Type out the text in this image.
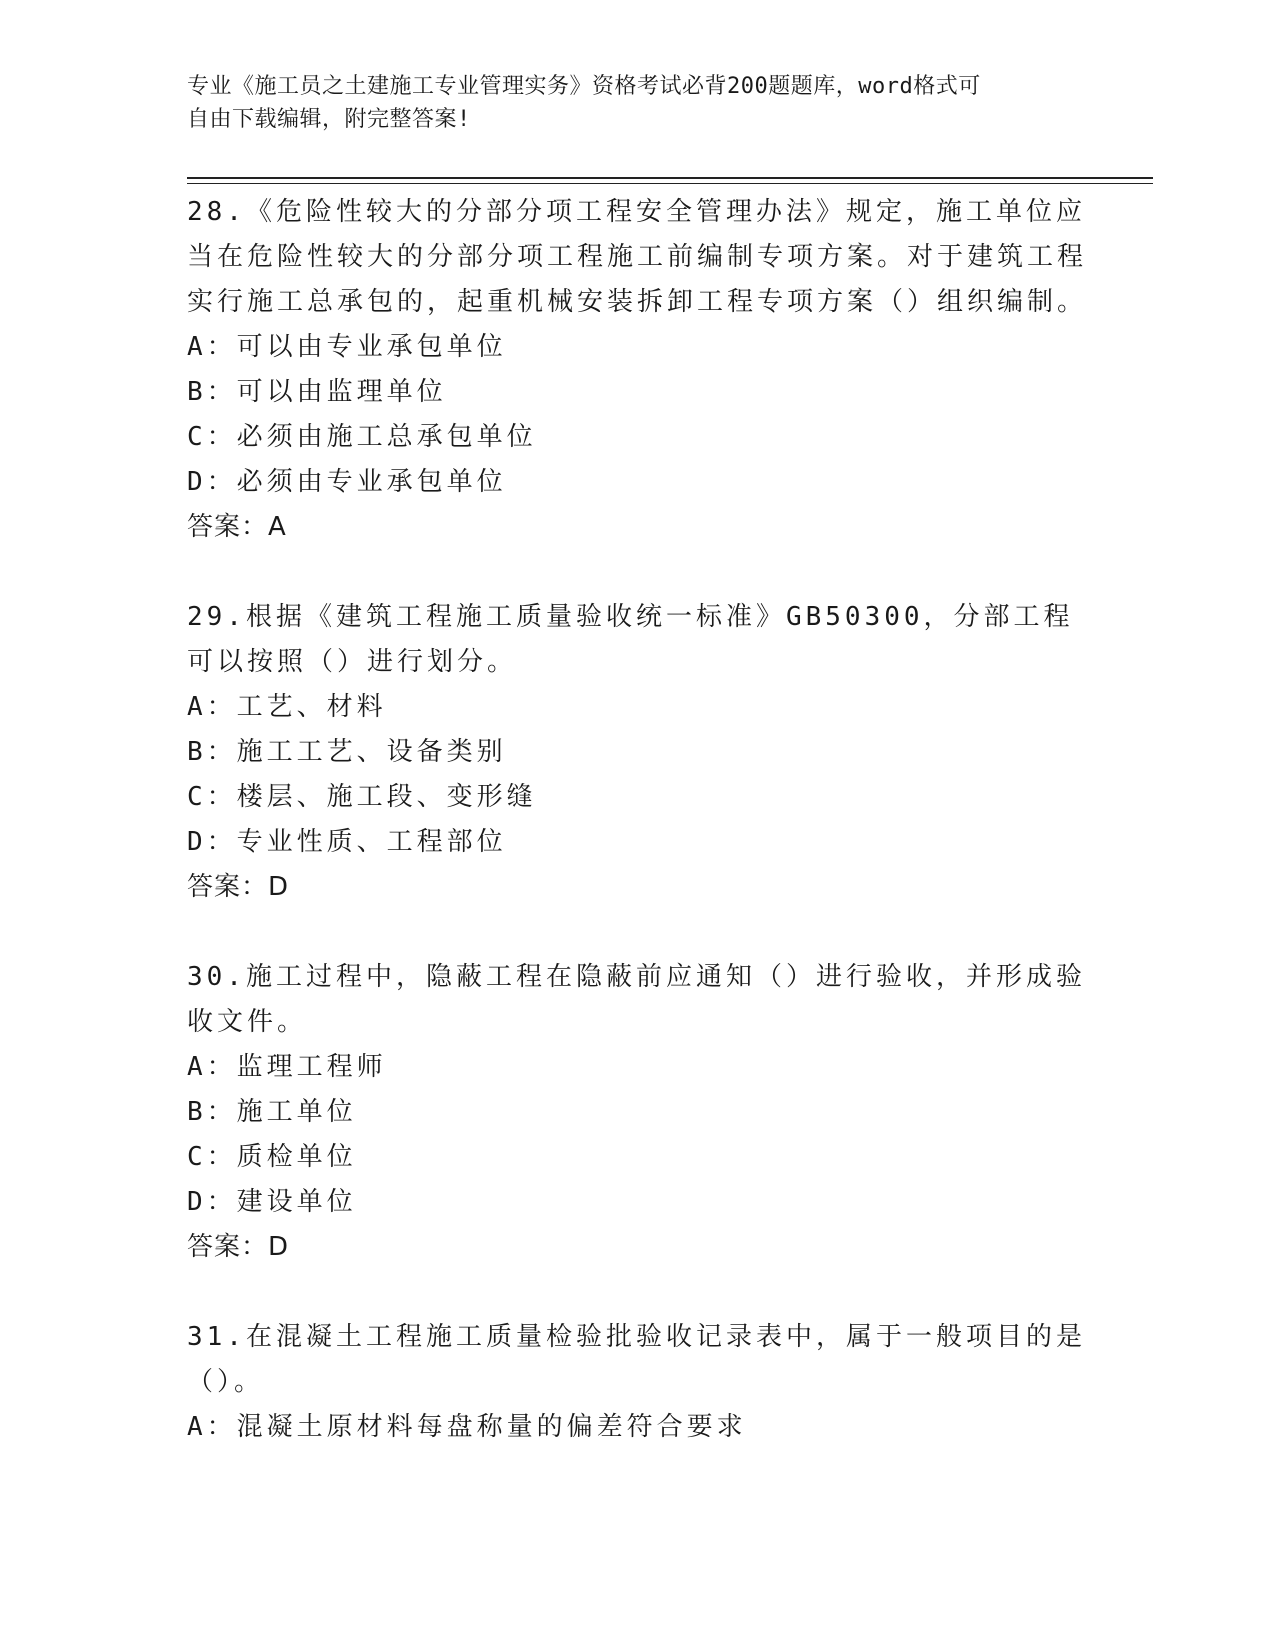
专业《施工员之土建施工专业管理实务》资格考试必背200题题库，word格式可
自由下载编辑，附完整答案!

28.《危险性较大的分部分项工程安全管理办法》规定，施工单位应当在危险性较大的分部分项工程施工前编制专项方案。对于建筑工程实行施工总承包的，起重机械安装拆卸工程专项方案（）组织编制。

A：可以由专业承包单位

B：可以由监理单位

C：必须由施工总承包单位

D：必须由专业承包单位

答案：A

29.根据《建筑工程施工质量验收统一标准》GB50300，分部工程可以按照（）进行划分。

A：工艺、材料

B：施工工艺、设备类别

C：楼层、施工段、变形缝

D：专业性质、工程部位

答案：D

30.施工过程中，隐蔽工程在隐蔽前应通知（）进行验收，并形成验收文件。

A：监理工程师

B：施工单位

C：质检单位

D：建设单位

答案：D

31.在混凝土工程施工质量检验批验收记录表中，属于一般项目的是（）。

A：混凝土原材料每盘称量的偏差符合要求
